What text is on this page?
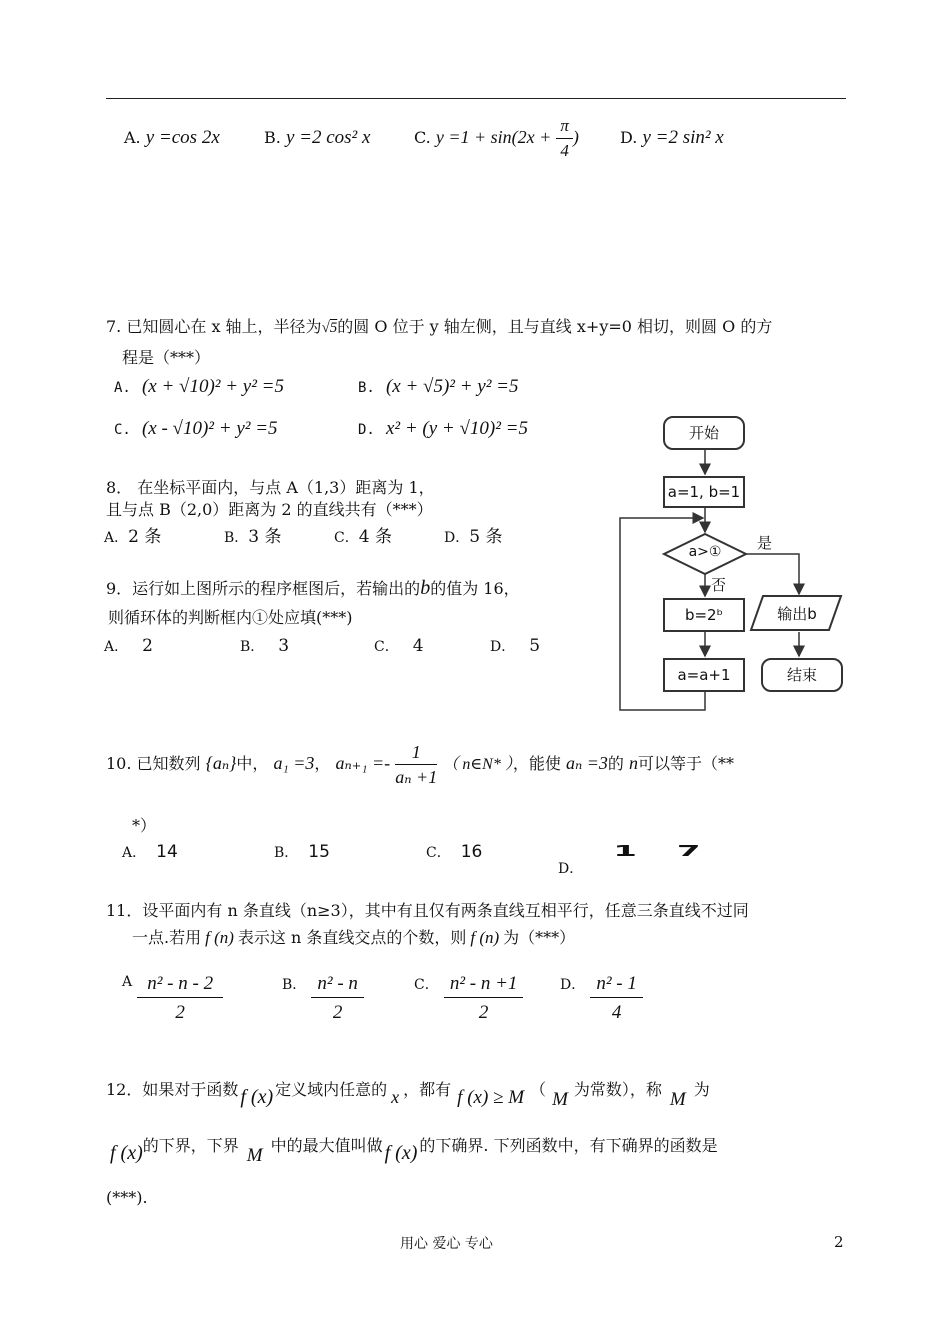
A. y =cos 2x	B. y =2 cos² x	C. $y =1 + \sin(2x + \frac{\pi}{4}$ )	D. y =2 sin² x
7. 已知圆心在 x 轴上，半径为√5的圆 O 位于 y 轴左侧，且与直线 x+y=0 相切，则圆 O 的方
程是（***）
A. (x + √10)² + y² =5	B. (x + √5)² + y² =5
C. (x - √10)² + y² =5	D. x² + (y + √10)² =5
8． 在坐标平面内，与点 A（1,3）距离为 1，
且与点 B（2,0）距离为 2 的直线共有（***）
A．2 条	B．3 条	C．4 条	D．5 条
9．运行如上图所示的程序框图后，若输出的b的值为 16，
则循环体的判断框内①处应填(***)
A． 2	B． 3	C． 4	D． 5
开始
a=1, b=1
a>①	是
否
b=2ᵇ	输出b
a=a+1	结束
10. 已知数列 {aₙ}中， a₁ =3， $a_{n+1} =- \frac{1}{\text{aₙ +1}}$ （ n∈N* ），能使 aₙ =3的 n可以等于（**
*）
A． 14	B． 15	C． 16
D．17
11．设平面内有 n 条直线（n≥3），其中有且仅有两条直线互相平行，任意三条直线不过同
一点.若用 f (n) 表示这 n 条直线交点的个数，则 f (n) 为（***）
A $\frac{\text{n² - n - 2}}{2}$	B． $\frac{\text{n² - n}}{2}$	C． $\frac{\text{n² - n +1}}{2}$	D． $\frac{\text{n² - 1}}{4}$
12．如果对于函数 f (x) 定义域内任意的 x ，都有 f (x) ≥ M （ M 为常数），称 M 为
f (x)的下界，下界 M 中的最大值叫做 f (x) 的下确界. 下列函数中，有下确界的函数是
(***).
用心 爱心 专心	2
